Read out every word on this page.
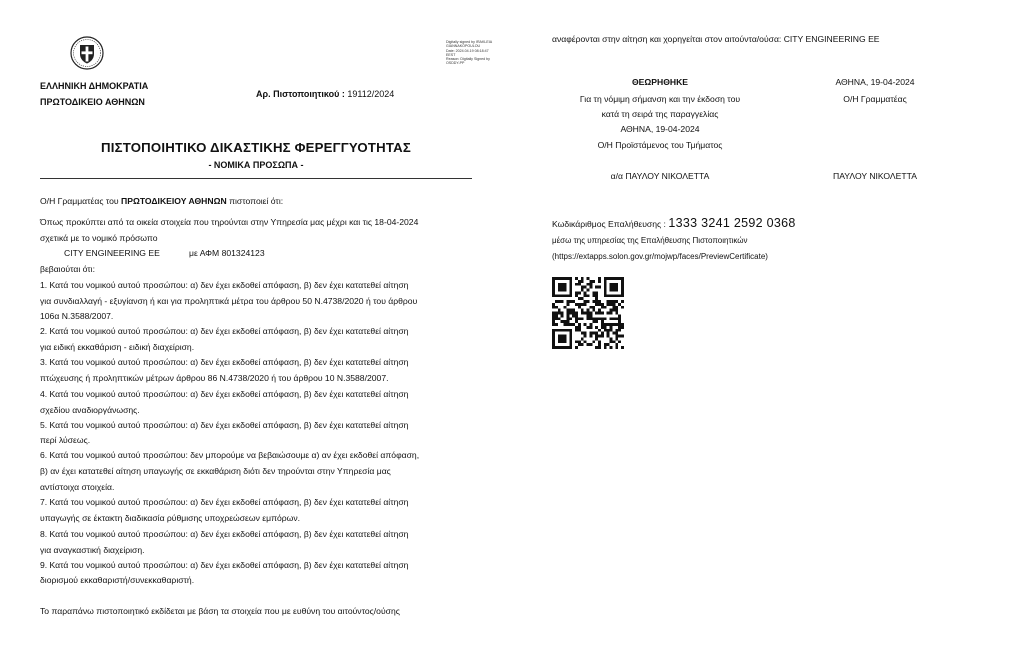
ΕΛΛΗΝΙΚΗ ΔΗΜΟΚΡΑΤΙΑ
ΠΡΩΤΟΔΙΚΕΙΟ ΑΘΗΝΩΝ
Αρ. Πιστοποιητικού : 19112/2024
Digitally signed by IRAKLEIA
GIANNAKOPOULOU
Date: 2024.04.19 08:18:47
EEST
Reason: Digitally Signed by
OSDDY-PP
ΠΙΣΤΟΠΟΙΗΤΙΚΟ ΔΙΚΑΣΤΙΚΗΣ ΦΕΡΕΓΓΥΟΤΗΤΑΣ
- ΝΟΜΙΚΑ ΠΡΟΣΩΠΑ -
Ο/Η Γραμματέας του ΠΡΩΤΟΔΙΚΕΙΟΥ ΑΘΗΝΩΝ πιστοποιεί ότι:
Όπως προκύπτει από τα οικεία στοιχεία που τηρούνται στην Υπηρεσία μας μέχρι και τις 18-04-2024
σχετικά με το νομικό πρόσωπο
CITY ENGINEERING EE	με ΑΦΜ 801324123
βεβαιούται ότι:
1. Κατά του νομικού αυτού προσώπου: α) δεν έχει εκδοθεί απόφαση, β) δεν έχει κατατεθεί αίτηση
για συνδιαλλαγή - εξυγίανση ή και για προληπτικά μέτρα του άρθρου 50 Ν.4738/2020 ή του άρθρου
106α Ν.3588/2007.
2. Κατά του νομικού αυτού προσώπου: α) δεν έχει εκδοθεί απόφαση, β) δεν έχει κατατεθεί αίτηση
για ειδική εκκαθάριση - ειδική διαχείριση.
3. Κατά του νομικού αυτού προσώπου: α) δεν έχει εκδοθεί απόφαση, β) δεν έχει κατατεθεί αίτηση
πτώχευσης ή προληπτικών μέτρων άρθρου 86 Ν.4738/2020 ή του άρθρου 10 Ν.3588/2007.
4. Κατά του νομικού αυτού προσώπου: α) δεν έχει εκδοθεί απόφαση, β) δεν έχει κατατεθεί αίτηση
σχεδίου αναδιοργάνωσης.
5. Κατά του νομικού αυτού προσώπου: α) δεν έχει εκδοθεί απόφαση, β) δεν έχει κατατεθεί αίτηση
περί λύσεως.
6. Κατά του νομικού αυτού προσώπου: δεν μπορούμε να βεβαιώσουμε α) αν έχει εκδοθεί απόφαση,
β) αν έχει κατατεθεί αίτηση υπαγωγής σε εκκαθάριση διότι δεν τηρούνται στην Υπηρεσία μας
αντίστοιχα στοιχεία.
7. Κατά του νομικού αυτού προσώπου: α) δεν έχει εκδοθεί απόφαση, β) δεν έχει κατατεθεί αίτηση
υπαγωγής σε έκτακτη διαδικασία ρύθμισης υποχρεώσεων εμπόρων.
8. Κατά του νομικού αυτού προσώπου: α) δεν έχει εκδοθεί απόφαση, β) δεν έχει κατατεθεί αίτηση
για αναγκαστική διαχείριση.
9. Κατά του νομικού αυτού προσώπου: α) δεν έχει εκδοθεί απόφαση, β) δεν έχει κατατεθεί αίτηση
διορισμού εκκαθαριστή/συνεκκαθαριστή.
Το παραπάνω πιστοποιητικό εκδίδεται με βάση τα στοιχεία που με ευθύνη του αιτούντος/ούσης
αναφέρονται στην αίτηση και χορηγείται στον αιτούντα/ούσα: CITY ENGINEERING EE
ΘΕΩΡΗΘΗΚΕ
Για τη νόμιμη σήμανση και την έκδοση του
κατά τη σειρά της παραγγελίας
ΑΘΗΝΑ, 19-04-2024
Ο/Η Προϊστάμενος του Τμήματος
α/α ΠΑΥΛΟΥ ΝΙΚΟΛΕΤΤΑ
ΑΘΗΝΑ, 19-04-2024
Ο/Η Γραμματέας
ΠΑΥΛΟΥ ΝΙΚΟΛΕΤΤΑ
Κωδικάριθμος Επαλήθευσης : 1333 3241 2592 0368
μέσω της υπηρεσίας της Επαλήθευσης Πιστοποιητικών
(https://extapps.solon.gov.gr/mojwp/faces/PreviewCertificate)
